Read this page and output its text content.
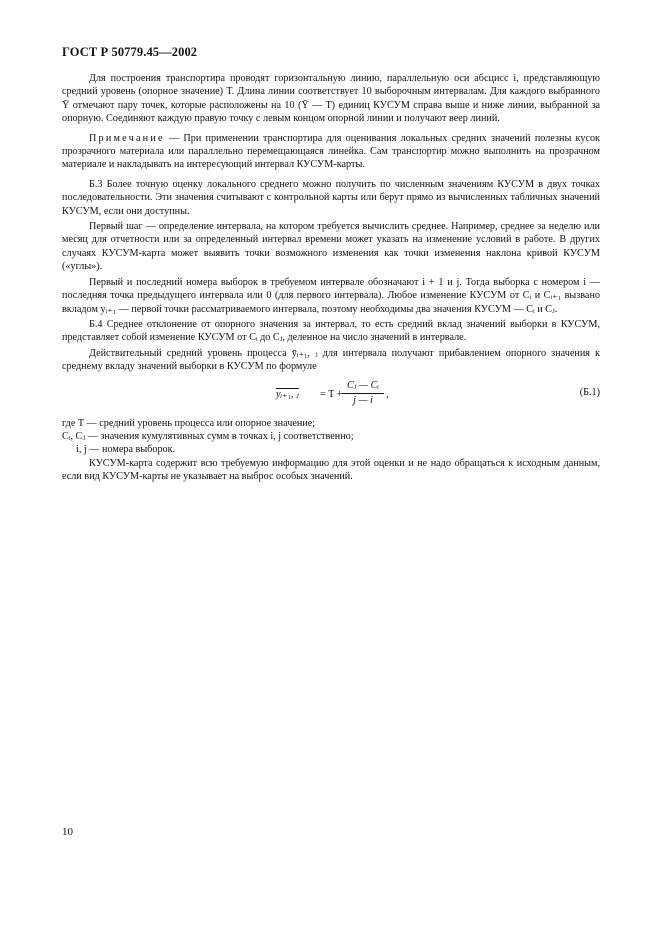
ГОСТ Р 50779.45—2002

Для построения транспортира проводят горизонтальную линию, параллельную оси абсцисс i, представляющую средний уровень (опорное значение) T. Длина линии соответствует 10 выборочным интервалам. Для каждого выбранного Ȳ отмечают пару точек, которые расположены на 10 (Ȳ — T) единиц КУСУМ справа выше и ниже линии, выбранной за опорную. Соединяют каждую правую точку с левым концом опорной линии и получают веер линий.

Примечание — При применении транспортира для оценивания локальных средних значений полезны кусок прозрачного материала или параллельно перемещающаяся линейка. Сам транспортир можно выполнить на прозрачном материале и накладывать на интересующий интервал КУСУМ-карты.

Б.3 Более точную оценку локального среднего можно получить по численным значениям КУСУМ в двух точках последовательности. Эти значения считывают с контрольной карты или берут прямо из вычисленных табличных значений КУСУМ, если они доступны.

Первый шаг — определение интервала, на котором требуется вычислить среднее. Например, среднее за неделю или месяц для отчетности или за определенный интервал времени может указать на изменение условий в работе. В других случаях КУСУМ-карта может выявить точки возможного изменения как точки изменения наклона кривой КУСУМ («углы»).

Первый и последний номера выборок в требуемом интервале обозначают i + 1 и j. Тогда выборка с номером i — последняя точка предыдущего интервала или 0 (для первого интервала). Любое изменение КУСУМ от Cᵢ и Cᵢ₊₁ вызвано вкладом yᵢ₊₁ — первой точки рассматриваемого интервала, поэтому необходимы два значения КУСУМ — Cᵢ и Cⱼ.

Б.4 Среднее отклонение от опорного значения за интервал, то есть средний вклад значений выборки в КУСУМ, представляет собой изменение КУСУМ от Cᵢ до Cⱼ, деленное на число значений в интервале.

Действительный средний уровень процесса ȳᵢ₊₁, ⱼ для интервала получают прибавлением опорного значения к среднему вкладу значений выборки в КУСУМ по формуле

yᵢ₊₁, ⱼ = $T + \frac{\text{Cⱼ — Cᵢ}}{j — i}$ ,	(Б.1)
где T — средний уровень процесса или опорное значение;
Cᵢ, Cⱼ — значения кумулятивных сумм в точках i, j соответственно;
i, j — номера выборок.

КУСУМ-карта содержит всю требуемую информацию для этой оценки и не надо обращаться к исходным данным, если вид КУСУМ-карты не указывает на выброс особых значений.

10
